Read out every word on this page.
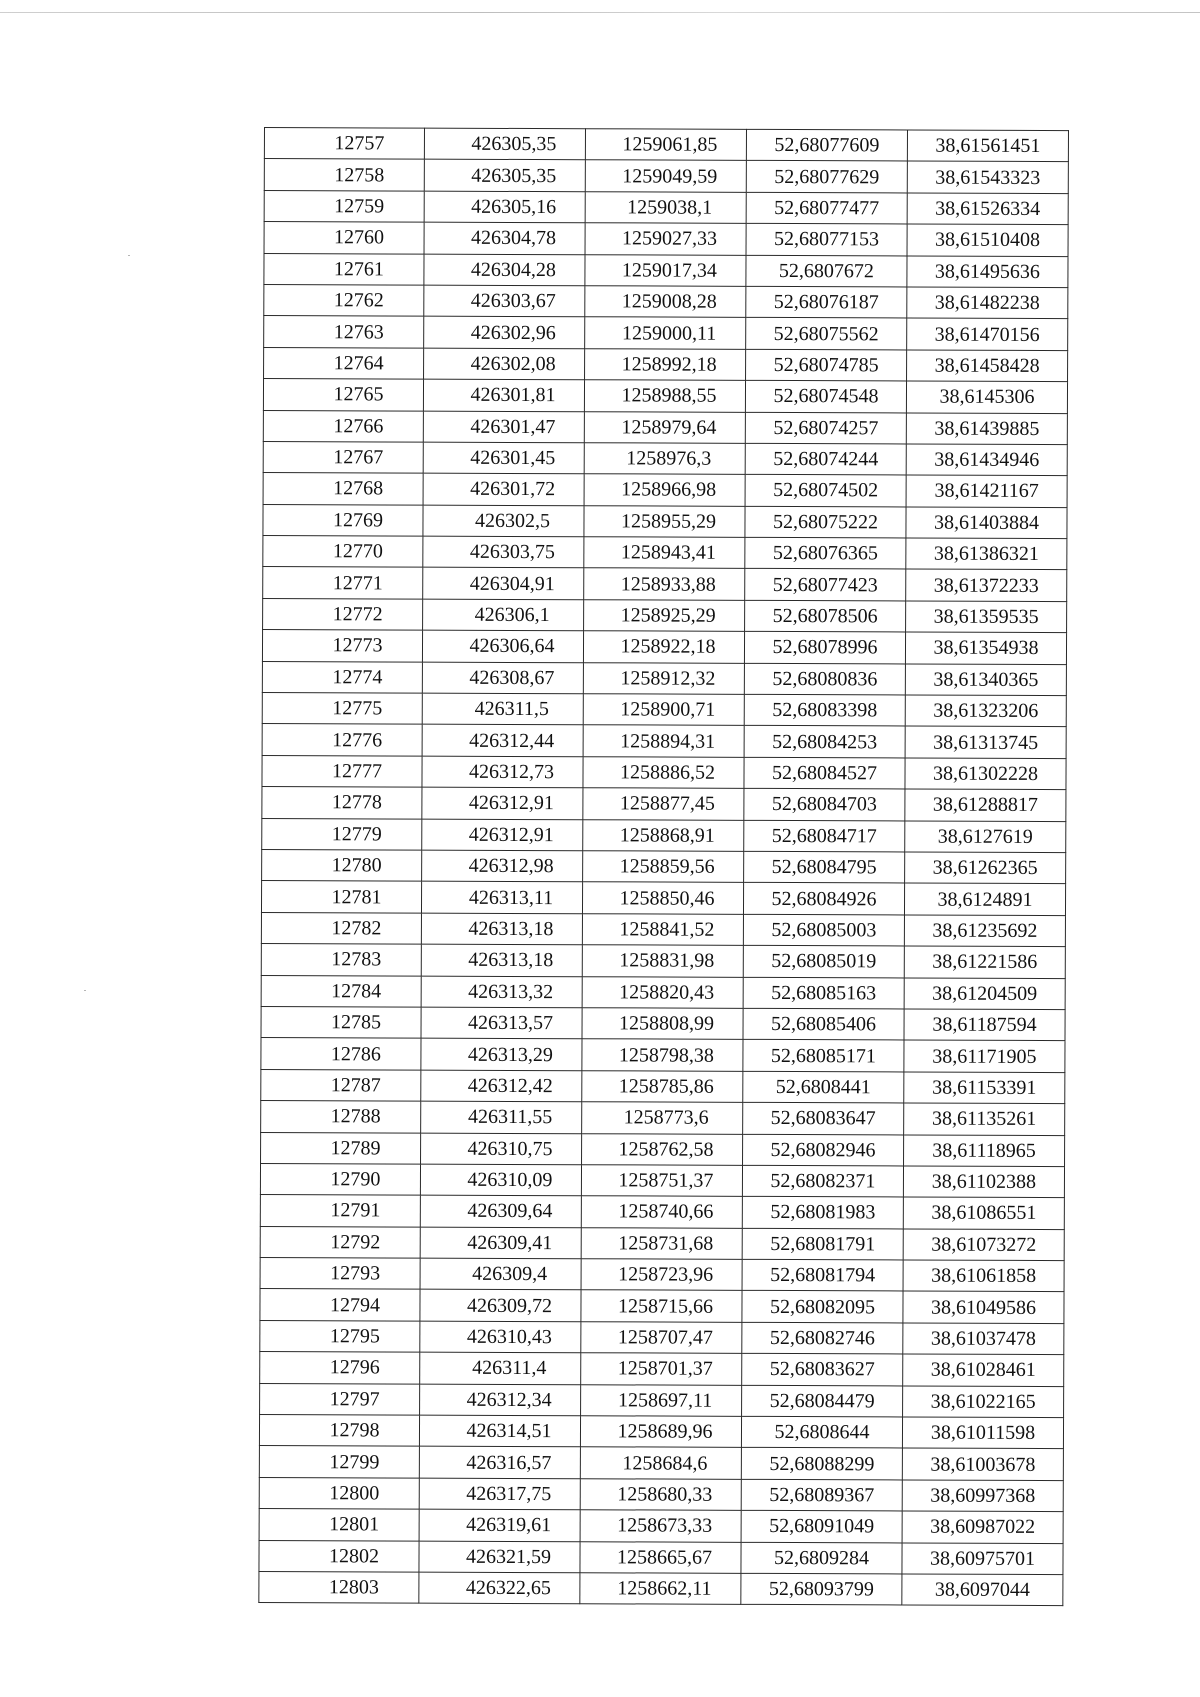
12757	426305,35	1259061,85	52,68077609	38,61561451
12758	426305,35	1259049,59	52,68077629	38,61543323
12759	426305,16	1259038,1	52,68077477	38,61526334
12760	426304,78	1259027,33	52,68077153	38,61510408
12761	426304,28	1259017,34	52,6807672	38,61495636
12762	426303,67	1259008,28	52,68076187	38,61482238
12763	426302,96	1259000,11	52,68075562	38,61470156
12764	426302,08	1258992,18	52,68074785	38,61458428
12765	426301,81	1258988,55	52,68074548	38,6145306
12766	426301,47	1258979,64	52,68074257	38,61439885
12767	426301,45	1258976,3	52,68074244	38,61434946
12768	426301,72	1258966,98	52,68074502	38,61421167
12769	426302,5	1258955,29	52,68075222	38,61403884
12770	426303,75	1258943,41	52,68076365	38,61386321
12771	426304,91	1258933,88	52,68077423	38,61372233
12772	426306,1	1258925,29	52,68078506	38,61359535
12773	426306,64	1258922,18	52,68078996	38,61354938
12774	426308,67	1258912,32	52,68080836	38,61340365
12775	426311,5	1258900,71	52,68083398	38,61323206
12776	426312,44	1258894,31	52,68084253	38,61313745
12777	426312,73	1258886,52	52,68084527	38,61302228
12778	426312,91	1258877,45	52,68084703	38,61288817
12779	426312,91	1258868,91	52,68084717	38,6127619
12780	426312,98	1258859,56	52,68084795	38,61262365
12781	426313,11	1258850,46	52,68084926	38,6124891
12782	426313,18	1258841,52	52,68085003	38,61235692
12783	426313,18	1258831,98	52,68085019	38,61221586
12784	426313,32	1258820,43	52,68085163	38,61204509
12785	426313,57	1258808,99	52,68085406	38,61187594
12786	426313,29	1258798,38	52,68085171	38,61171905
12787	426312,42	1258785,86	52,6808441	38,61153391
12788	426311,55	1258773,6	52,68083647	38,61135261
12789	426310,75	1258762,58	52,68082946	38,61118965
12790	426310,09	1258751,37	52,68082371	38,61102388
12791	426309,64	1258740,66	52,68081983	38,61086551
12792	426309,41	1258731,68	52,68081791	38,61073272
12793	426309,4	1258723,96	52,68081794	38,61061858
12794	426309,72	1258715,66	52,68082095	38,61049586
12795	426310,43	1258707,47	52,68082746	38,61037478
12796	426311,4	1258701,37	52,68083627	38,61028461
12797	426312,34	1258697,11	52,68084479	38,61022165
12798	426314,51	1258689,96	52,6808644	38,61011598
12799	426316,57	1258684,6	52,68088299	38,61003678
12800	426317,75	1258680,33	52,68089367	38,60997368
12801	426319,61	1258673,33	52,68091049	38,60987022
12802	426321,59	1258665,67	52,6809284	38,60975701
12803	426322,65	1258662,11	52,68093799	38,6097044
